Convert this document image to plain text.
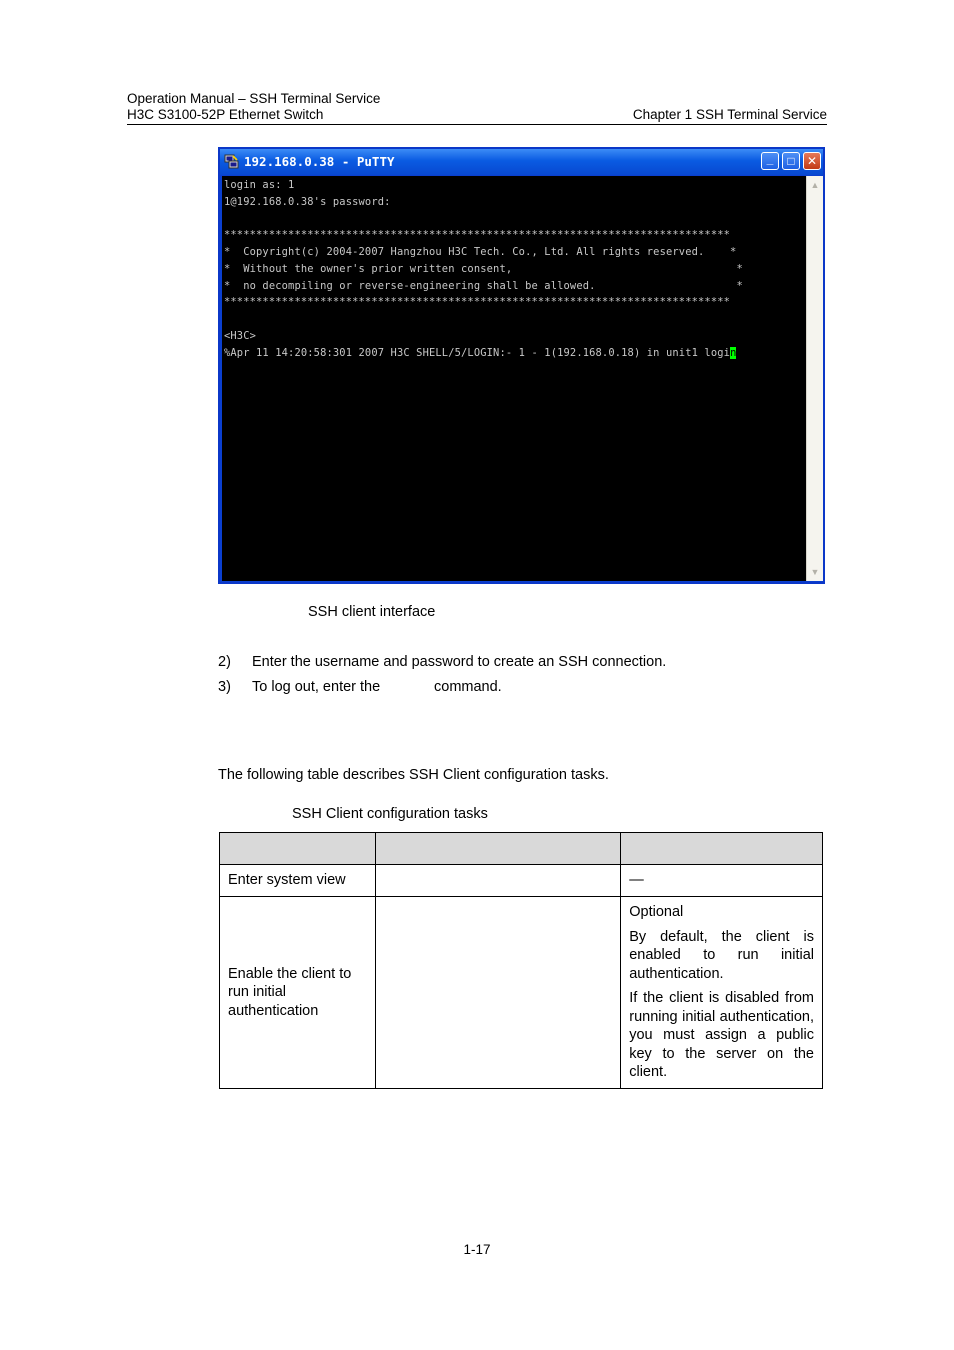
Operation Manual – SSH Terminal Service
H3C S3100-52P Ethernet Switch	Chapter 1 SSH Terminal Service
192.168.0.38 - PuTTY	_	□	✕
login as: 1
1@192.168.0.38's password:
*******************************************************************************
*  Copyright(c) 2004-2007 Hangzhou H3C Tech. Co., Ltd. All rights reserved.    *
*  Without the owner's prior written consent,                                   *
*  no decompiling or reverse-engineering shall be allowed.                      *
*******************************************************************************
<H3C>
%Apr 11 14:20:58:301 2007 H3C SHELL/5/LOGIN:- 1 - 1(192.168.0.18) in unit1 login
▲
▼
SSH client interface
2) Enter the username and password to create an SSH connection.
3) To log out, enter the	command.
The following table describes SSH Client configuration tasks.
SSH Client configuration tasks

Enter system view		—
Enable the client to run initial authentication		Optional

By default, the client is enabled to run initial authentication.

If the client is disabled from running initial authentication, you must assign a public key to the server on the client.

1-17
